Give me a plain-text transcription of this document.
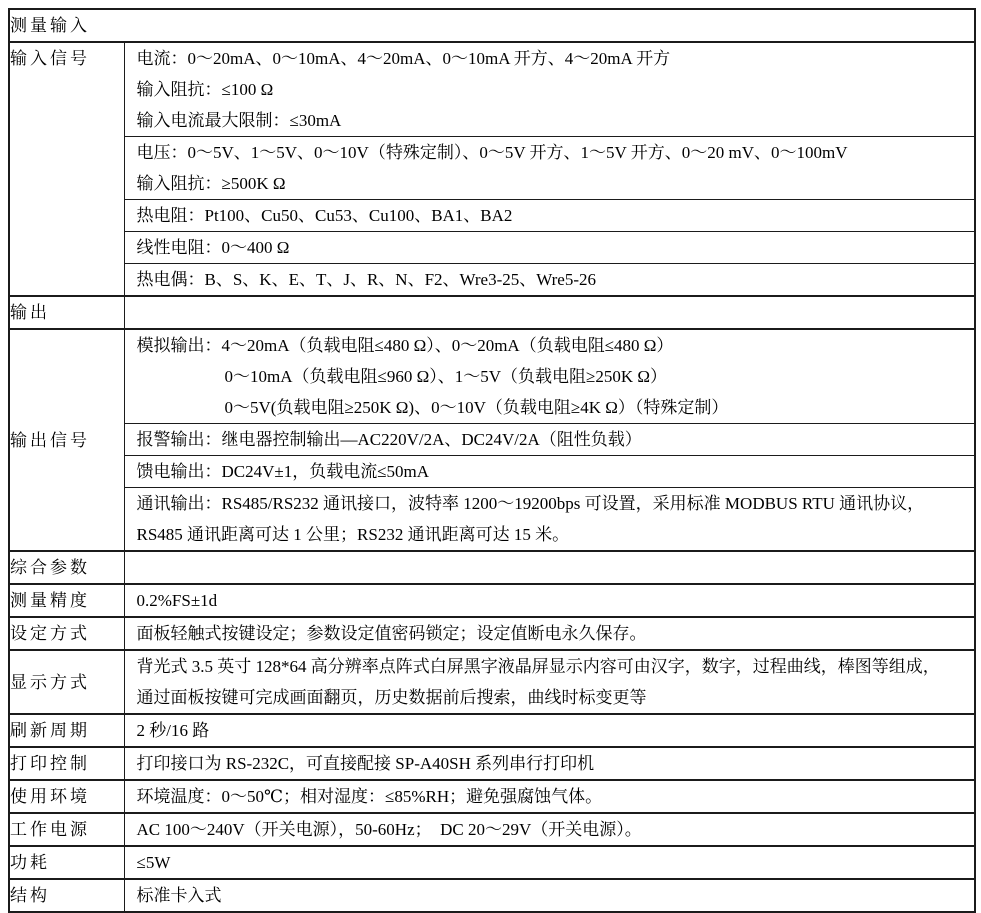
测量输入	
输入信号	电流：0～20mA、0～10mA、4～20mA、0～10mA 开方、4～20mA 开方
输入阻抗：≤100 Ω
输入电流最大限制：≤30mA

	电压：0～5V、1～5V、0～10V（特殊定制）、0～5V 开方、1～5V 开方、0～20 mV、0～100mV
输入阻抗：≥500K Ω

	热电阻：Pt100、Cu50、Cu53、Cu100、BA1、BA2

	线性电阻：0～400 Ω

	热电偶：B、S、K、E、T、J、R、N、F2、Wre3-25、Wre5-26

输出	

输出信号	模拟输出：4～20mA（负载电阻≤480 Ω）、0～20mA（负载电阻≤480 Ω）
0～10mA（负载电阻≤960 Ω）、1～5V（负载电阻≥250K Ω）
0～5V(负载电阻≥250K Ω)、0～10V（负载电阻≥4K Ω）（特殊定制）

	报警输出：继电器控制输出—AC220V/2A、DC24V/2A（阻性负载）

	馈电输出：DC24V±1，负载电流≤50mA

	通讯输出：RS485/RS232 通讯接口，波特率 1200～19200bps 可设置，采用标准 MODBUS RTU 通讯协议，
RS485 通讯距离可达 1 公里；RS232 通讯距离可达 15 米。

综合参数	

测量精度	0.2%FS±1d

设定方式	面板轻触式按键设定；参数设定值密码锁定；设定值断电永久保存。

显示方式	背光式 3.5 英寸 128*64 高分辨率点阵式白屏黑字液晶屏显示内容可由汉字，数字，过程曲线，棒图等组成，
通过面板按键可完成画面翻页，历史数据前后搜索，曲线时标变更等

刷新周期	2 秒/16 路

打印控制	打印接口为 RS-232C，可直接配接 SP-A40SH 系列串行打印机

使用环境	环境温度：0～50℃；相对湿度：≤85%RH；避免强腐蚀气体。

工作电源	AC 100～240V（开关电源），50-60Hz；  DC 20～29V（开关电源）。

功耗	≤5W

结构	标准卡入式
